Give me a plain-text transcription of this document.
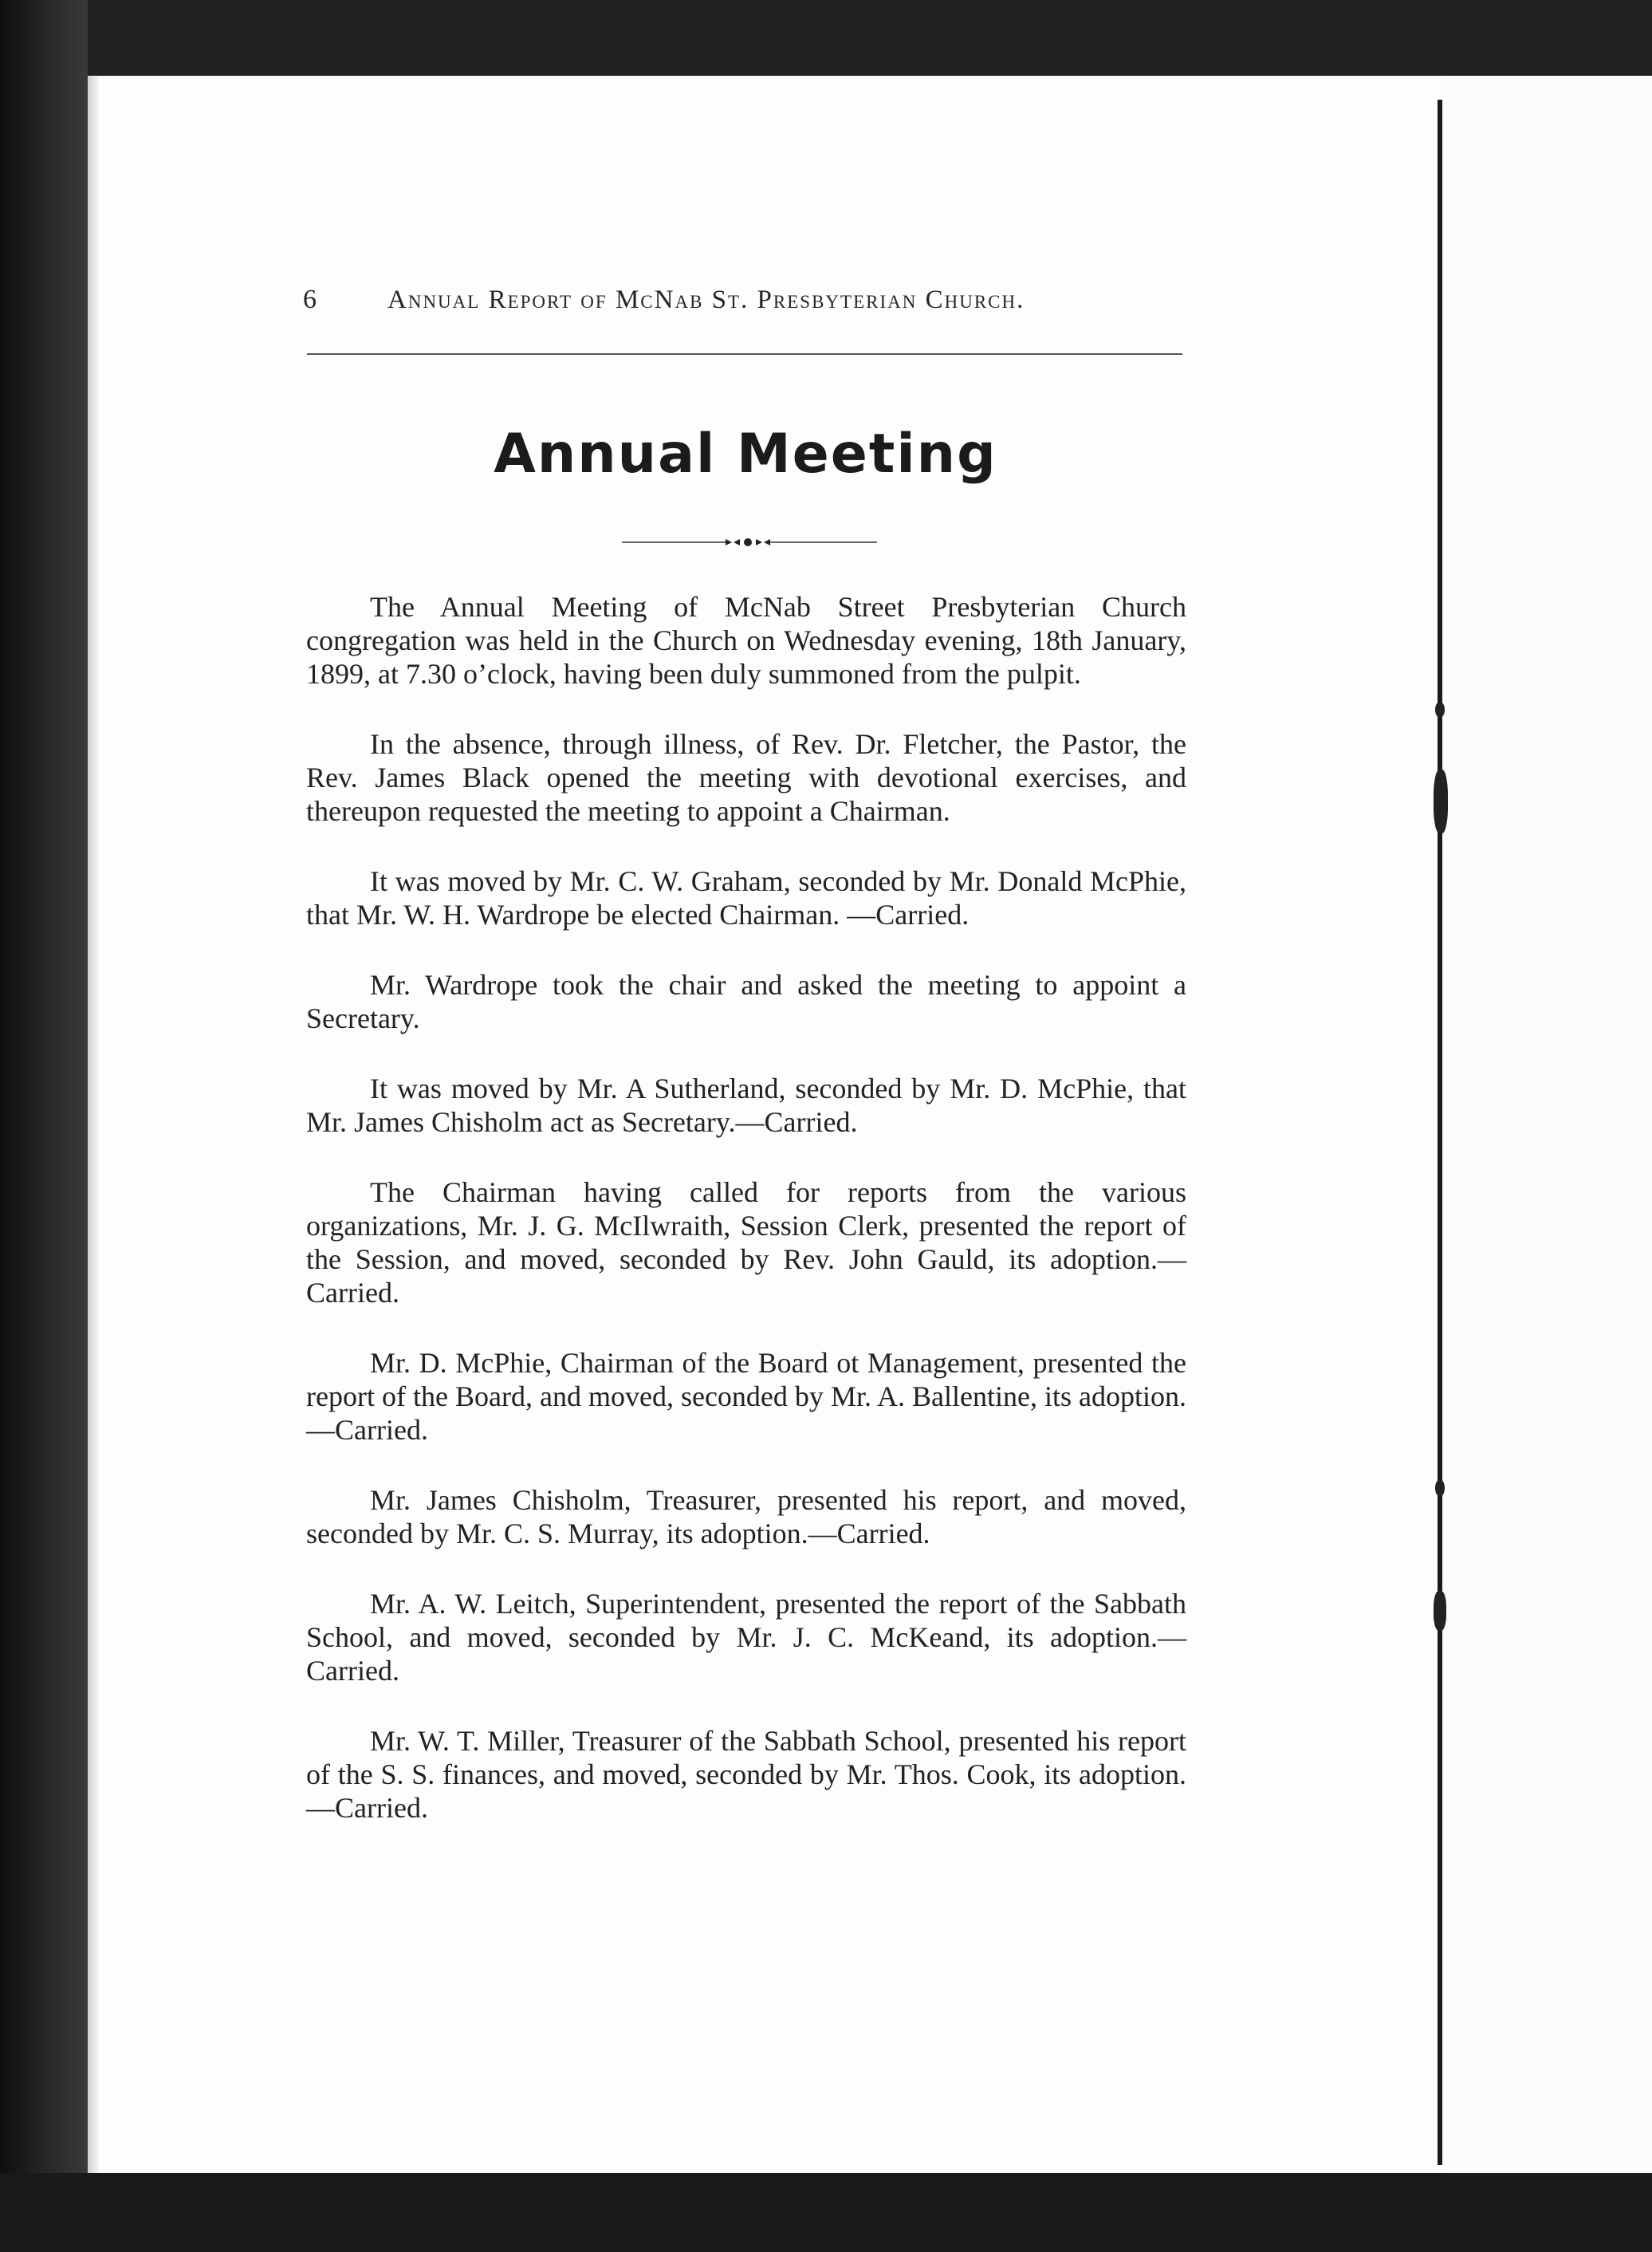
6	Annual Report of McNab St. Presbyterian Church.
Annual Meeting

The Annual Meeting of McNab Street Presbyterian Church congregation was held in the Church on Wednesday evening, 18th January, 1899, at 7.30 o’clock, having been duly summoned from the pulpit.

In the absence, through illness, of Rev. Dr. Fletcher, the Pastor, the Rev. James Black opened the meeting with devotional exercises, and thereupon requested the meeting to appoint a Chairman.

It was moved by Mr. C. W. Graham, seconded by Mr. Donald McPhie, that Mr. W. H. Wardrope be elected Chairman. —Carried.

Mr. Wardrope took the chair and asked the meeting to appoint a Secretary.

It was moved by Mr. A Sutherland, seconded by Mr. D. McPhie, that Mr. James Chisholm act as Secretary.—Carried.

The Chairman having called for reports from the various organizations, Mr. J. G. McIlwraith, Session Clerk, presented the report of the Session, and moved, seconded by Rev. John Gauld, its adoption.—Carried.

Mr. D. McPhie, Chairman of the Board ot Management, presented the report of the Board, and moved, seconded by Mr. A. Ballentine, its adoption.—Carried.

Mr. James Chisholm, Treasurer, presented his report, and moved, seconded by Mr. C. S. Murray, its adoption.—Carried.

Mr. A. W. Leitch, Superintendent, presented the report of the Sabbath School, and moved, seconded by Mr. J. C. McKeand, its adoption.—Carried.

Mr. W. T. Miller, Treasurer of the Sabbath School, presented his report of the S. S. finances, and moved, seconded by Mr. Thos. Cook, its adoption.—Carried.
